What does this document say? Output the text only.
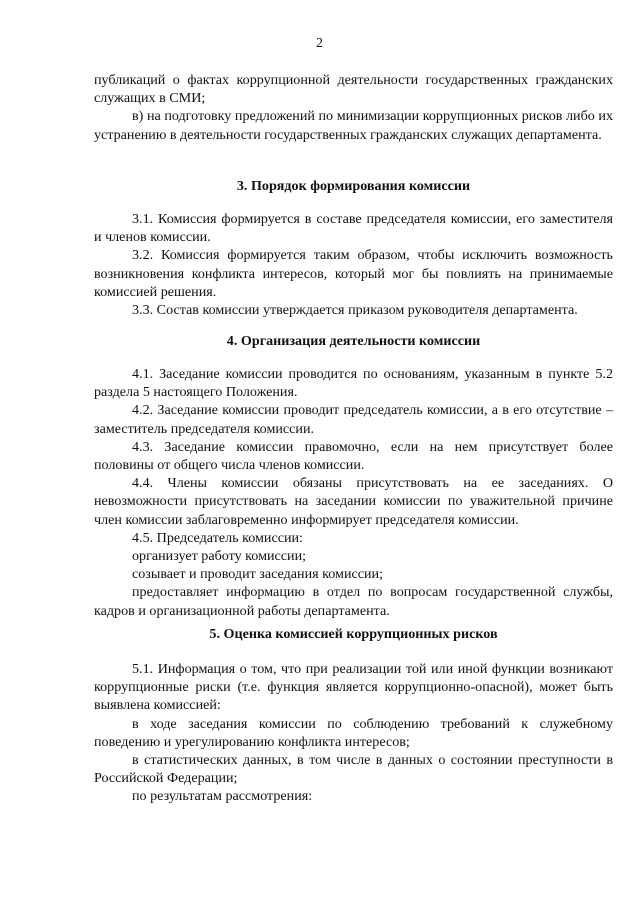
2

публикаций о фактах коррупционной деятельности государственных гражданских служащих в СМИ;

в) на подготовку предложений по минимизации коррупционных рисков либо их устранению в деятельности государственных гражданских служащих департамента.

3. Порядок формирования комиссии

3.1. Комиссия формируется в составе председателя комиссии, его заместителя и членов комиссии.

3.2. Комиссия формируется таким образом, чтобы исключить возможность возникновения конфликта интересов, который мог бы повлиять на принимаемые комиссией решения.

3.3. Состав комиссии утверждается приказом руководителя департамента.

4. Организация деятельности комиссии

4.1. Заседание комиссии проводится по основаниям, указанным в пункте 5.2 раздела 5 настоящего Положения.

4.2. Заседание комиссии проводит председатель комиссии, а в его отсутствие – заместитель председателя комиссии.

4.3. Заседание комиссии правомочно, если на нем присутствует более половины от общего числа членов комиссии.

4.4. Члены комиссии обязаны присутствовать на ее заседаниях. О невозможности присутствовать на заседании комиссии по уважительной причине член комиссии заблаговременно информирует председателя комиссии.

4.5. Председатель комиссии:

организует работу комиссии;

созывает и проводит заседания комиссии;

предоставляет информацию в отдел по вопросам государственной службы, кадров и организационной работы департамента.

5. Оценка комиссией коррупционных рисков

5.1. Информация о том, что при реализации той или иной функции возникают коррупционные риски (т.е. функция является коррупционно-опасной), может быть выявлена комиссией:

в ходе заседания комиссии по соблюдению требований к служебному поведению и урегулированию конфликта интересов;

в статистических данных, в том числе в данных о состоянии преступности в Российской Федерации;

по результатам рассмотрения:
